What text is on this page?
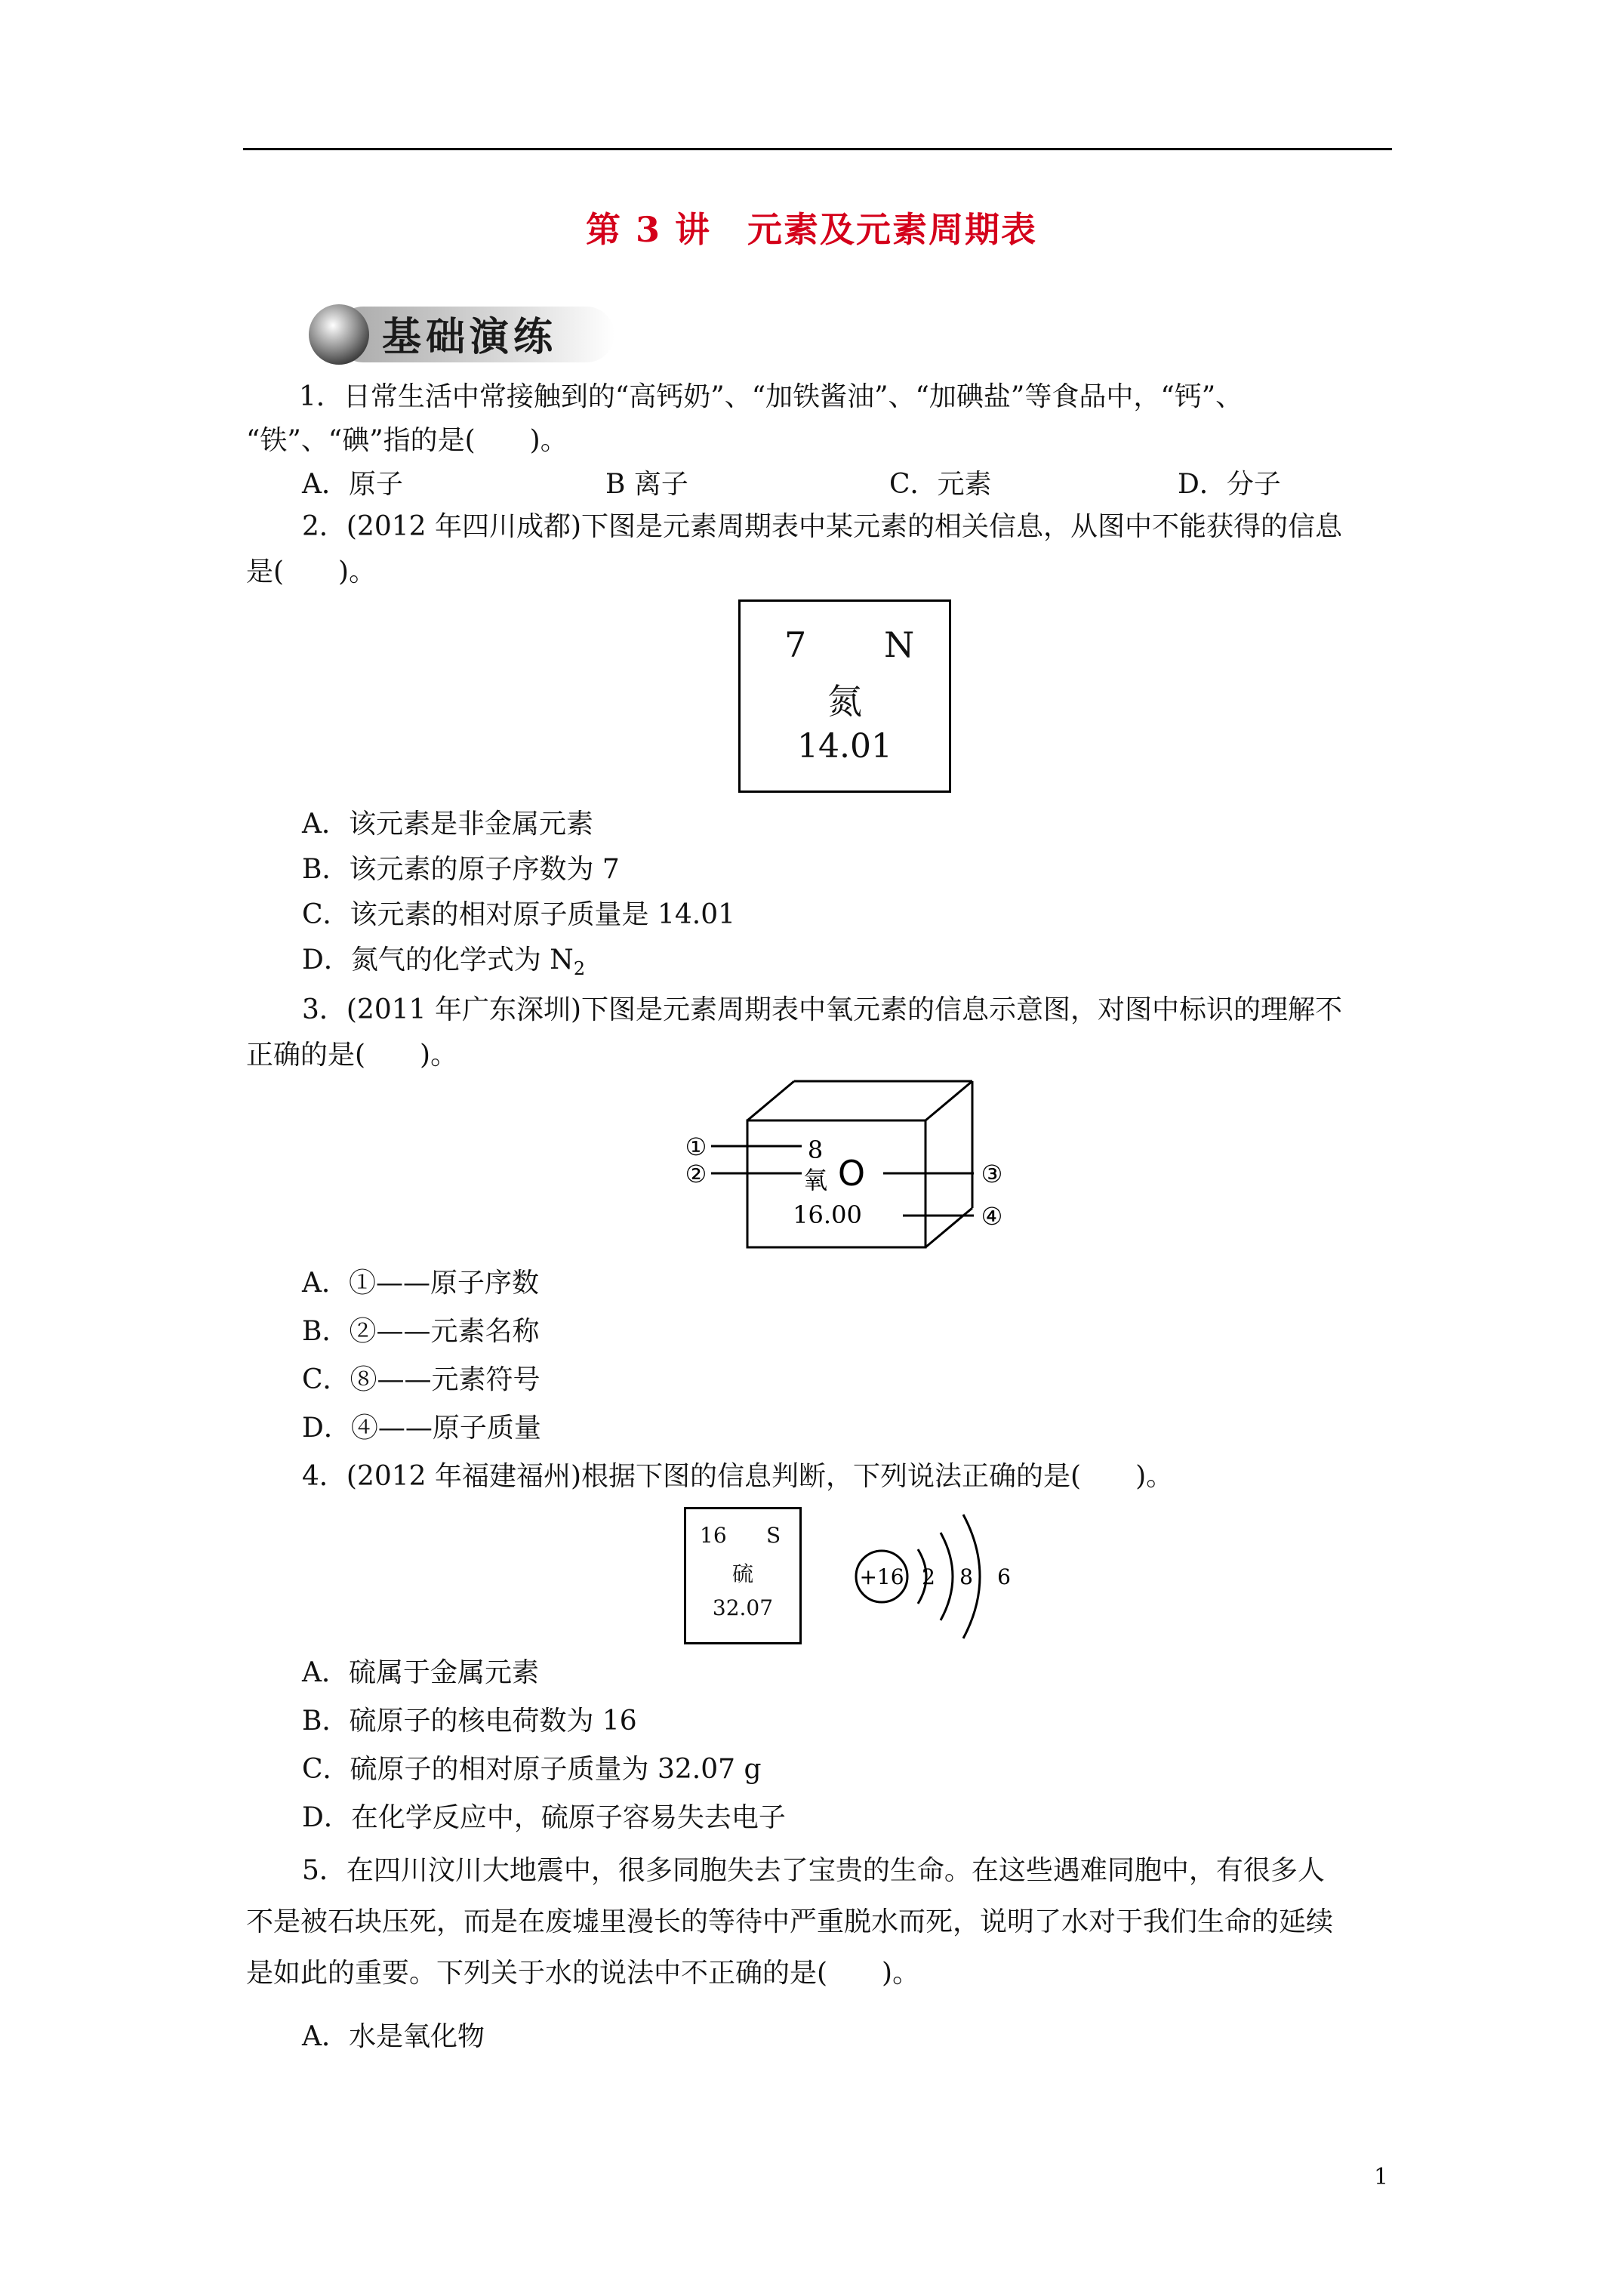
第 3 讲　元素及元素周期表
基础演练
1．日常生活中常接触到的“高钙奶”、“加铁酱油”、“加碘盐”等食品中，“钙”、
“铁”、“碘”指的是(　　)。
A．原子	B 离子	C．元素	D．分子
2．(2012 年四川成都)下图是元素周期表中某元素的相关信息，从图中不能获得的信息
是(　　)。
7 N
氮
14.01
A．该元素是非金属元素
B．该元素的原子序数为 7
C．该元素的相对原子质量是 14.01
D．氮气的化学式为 $N_2$
3．(2011 年广东深圳)下图是元素周期表中氧元素的信息示意图，对图中标识的理解不
正确的是(　　)。
①
②	③
④
8
氧 O
16.00
A．①——原子序数
B．②——元素名称
C．⑧——元素符号
D．④——原子质量
4．(2012 年福建福州)根据下图的信息判断，下列说法正确的是(　　)。
16 S
硫
32.07
+16 2 8 6
A．硫属于金属元素
B．硫原子的核电荷数为 16
C．硫原子的相对原子质量为 32.07 g
D．在化学反应中，硫原子容易失去电子
5．在四川汶川大地震中，很多同胞失去了宝贵的生命。在这些遇难同胞中，有很多人
不是被石块压死，而是在废墟里漫长的等待中严重脱水而死，说明了水对于我们生命的延续
是如此的重要。下列关于水的说法中不正确的是(　　)。
A．水是氧化物
1
